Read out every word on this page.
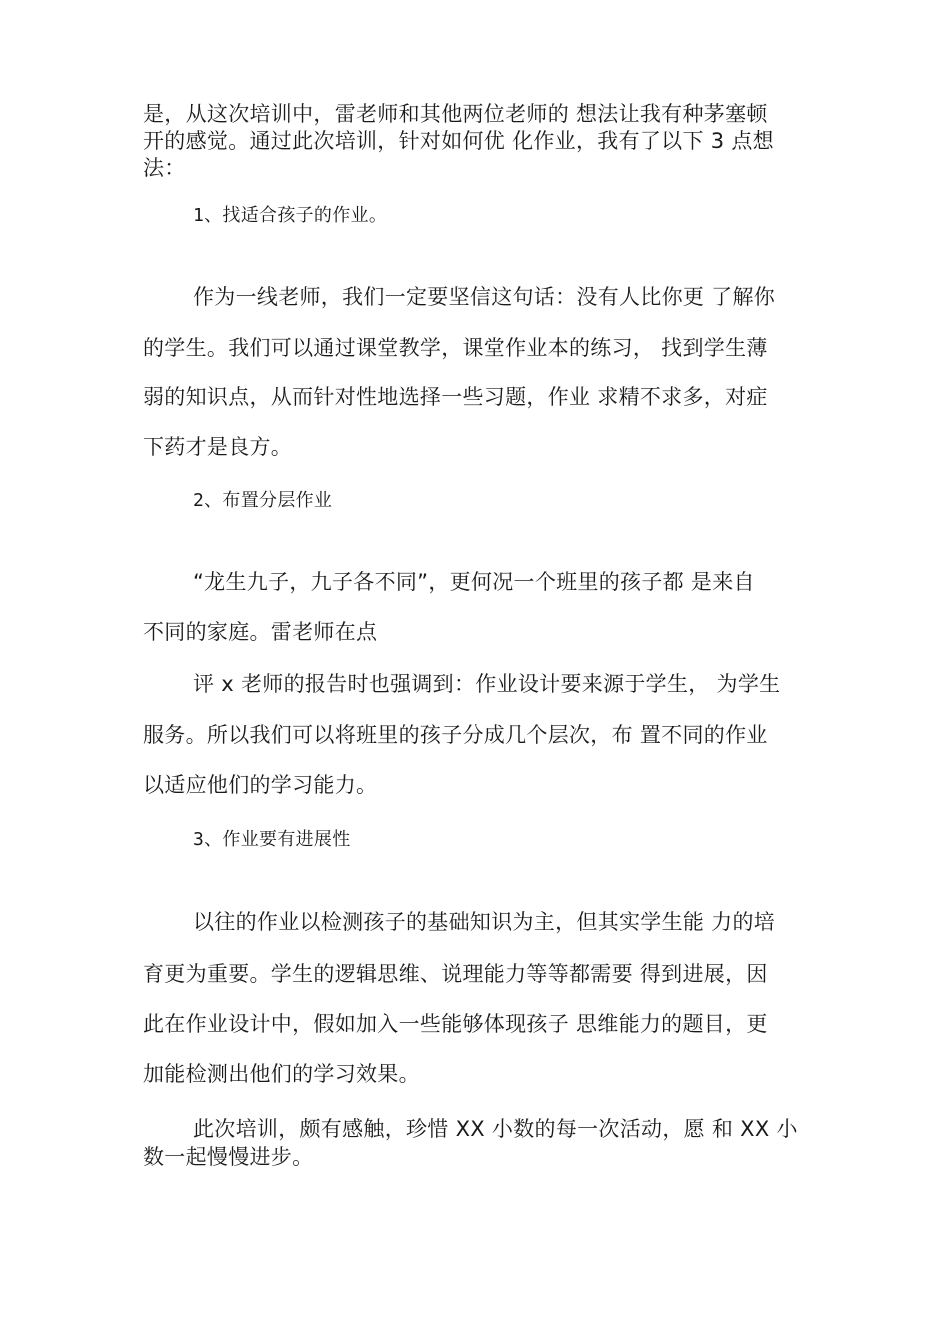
是，从这次培训中，雷老师和其他两位老师的 想法让我有种茅塞顿
开的感觉。通过此次培训，针对如何优 化作业，我有了以下 3 点想
法：
1、找适合孩子的作业。
作为一线老师，我们一定要坚信这句话：没有人比你更 了解你
的学生。我们可以通过课堂教学，课堂作业本的练习， 找到学生薄
弱的知识点，从而针对性地选择一些习题，作业 求精不求多，对症
下药才是良方。
2、布置分层作业
“龙生九子，九子各不同”，更何况一个班里的孩子都 是来自
不同的家庭。雷老师在点
评 x 老师的报告时也强调到：作业设计要来源于学生， 为学生
服务。所以我们可以将班里的孩子分成几个层次，布 置不同的作业
以适应他们的学习能力。
3、作业要有进展性
以往的作业以检测孩子的基础知识为主，但其实学生能 力的培
育更为重要。学生的逻辑思维、说理能力等等都需要 得到进展，因
此在作业设计中，假如加入一些能够体现孩子 思维能力的题目，更
加能检测出他们的学习效果。
此次培训，颇有感触，珍惜 XX 小数的每一次活动，愿 和 XX 小
数一起慢慢进步。
